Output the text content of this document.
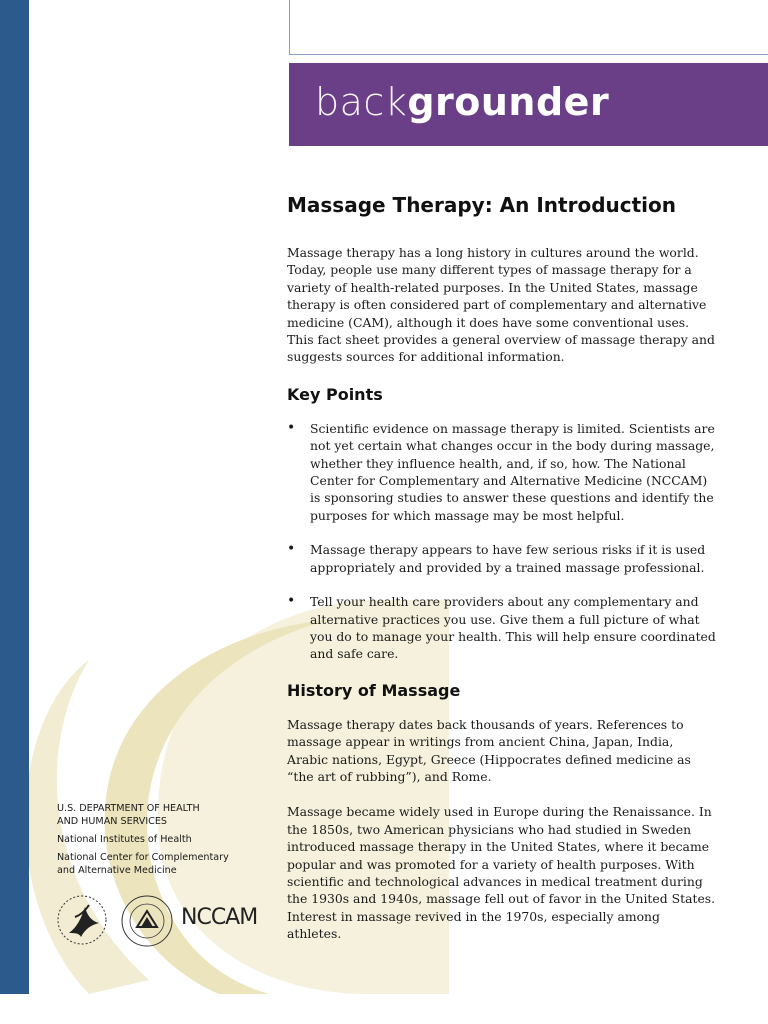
backgrounder
Massage Therapy: An Introduction

Massage therapy has a long history in cultures around the world. Today, people use many different types of massage therapy for a variety of health-related purposes. In the United States, massage therapy is often considered part of complementary and alternative medicine (CAM), although it does have some conventional uses. This fact sheet provides a general overview of massage therapy and suggests sources for additional information.

Key Points
• Scientific evidence on massage therapy is limited. Scientists are not yet certain what changes occur in the body during massage, whether they influence health, and, if so, how. The National Center for Complementary and Alternative Medicine (NCCAM) is sponsoring studies to answer these questions and identify the purposes for which massage may be most helpful.
• Massage therapy appears to have few serious risks if it is used appropriately and provided by a trained massage professional.
• Tell your health care providers about any complementary and alternative practices you use. Give them a full picture of what you do to manage your health. This will help ensure coordinated and safe care.
History of Massage

Massage therapy dates back thousands of years. References to massage appear in writings from ancient China, Japan, India, Arabic nations, Egypt, Greece (Hippocrates defined medicine as “the art of rubbing”), and Rome.

Massage became widely used in Europe during the Renaissance. In the 1850s, two American physicians who had studied in Sweden introduced massage therapy in the United States, where it became popular and was promoted for a variety of health purposes. With scientific and technological advances in medical treatment during the 1930s and 1940s, massage fell out of favor in the United States. Interest in massage revived in the 1970s, especially among athletes.

U.S. DEPARTMENT OF HEALTH
AND HUMAN SERVICES
National Institutes of Health
National Center for Complementary
and Alternative Medicine
NCCAM
